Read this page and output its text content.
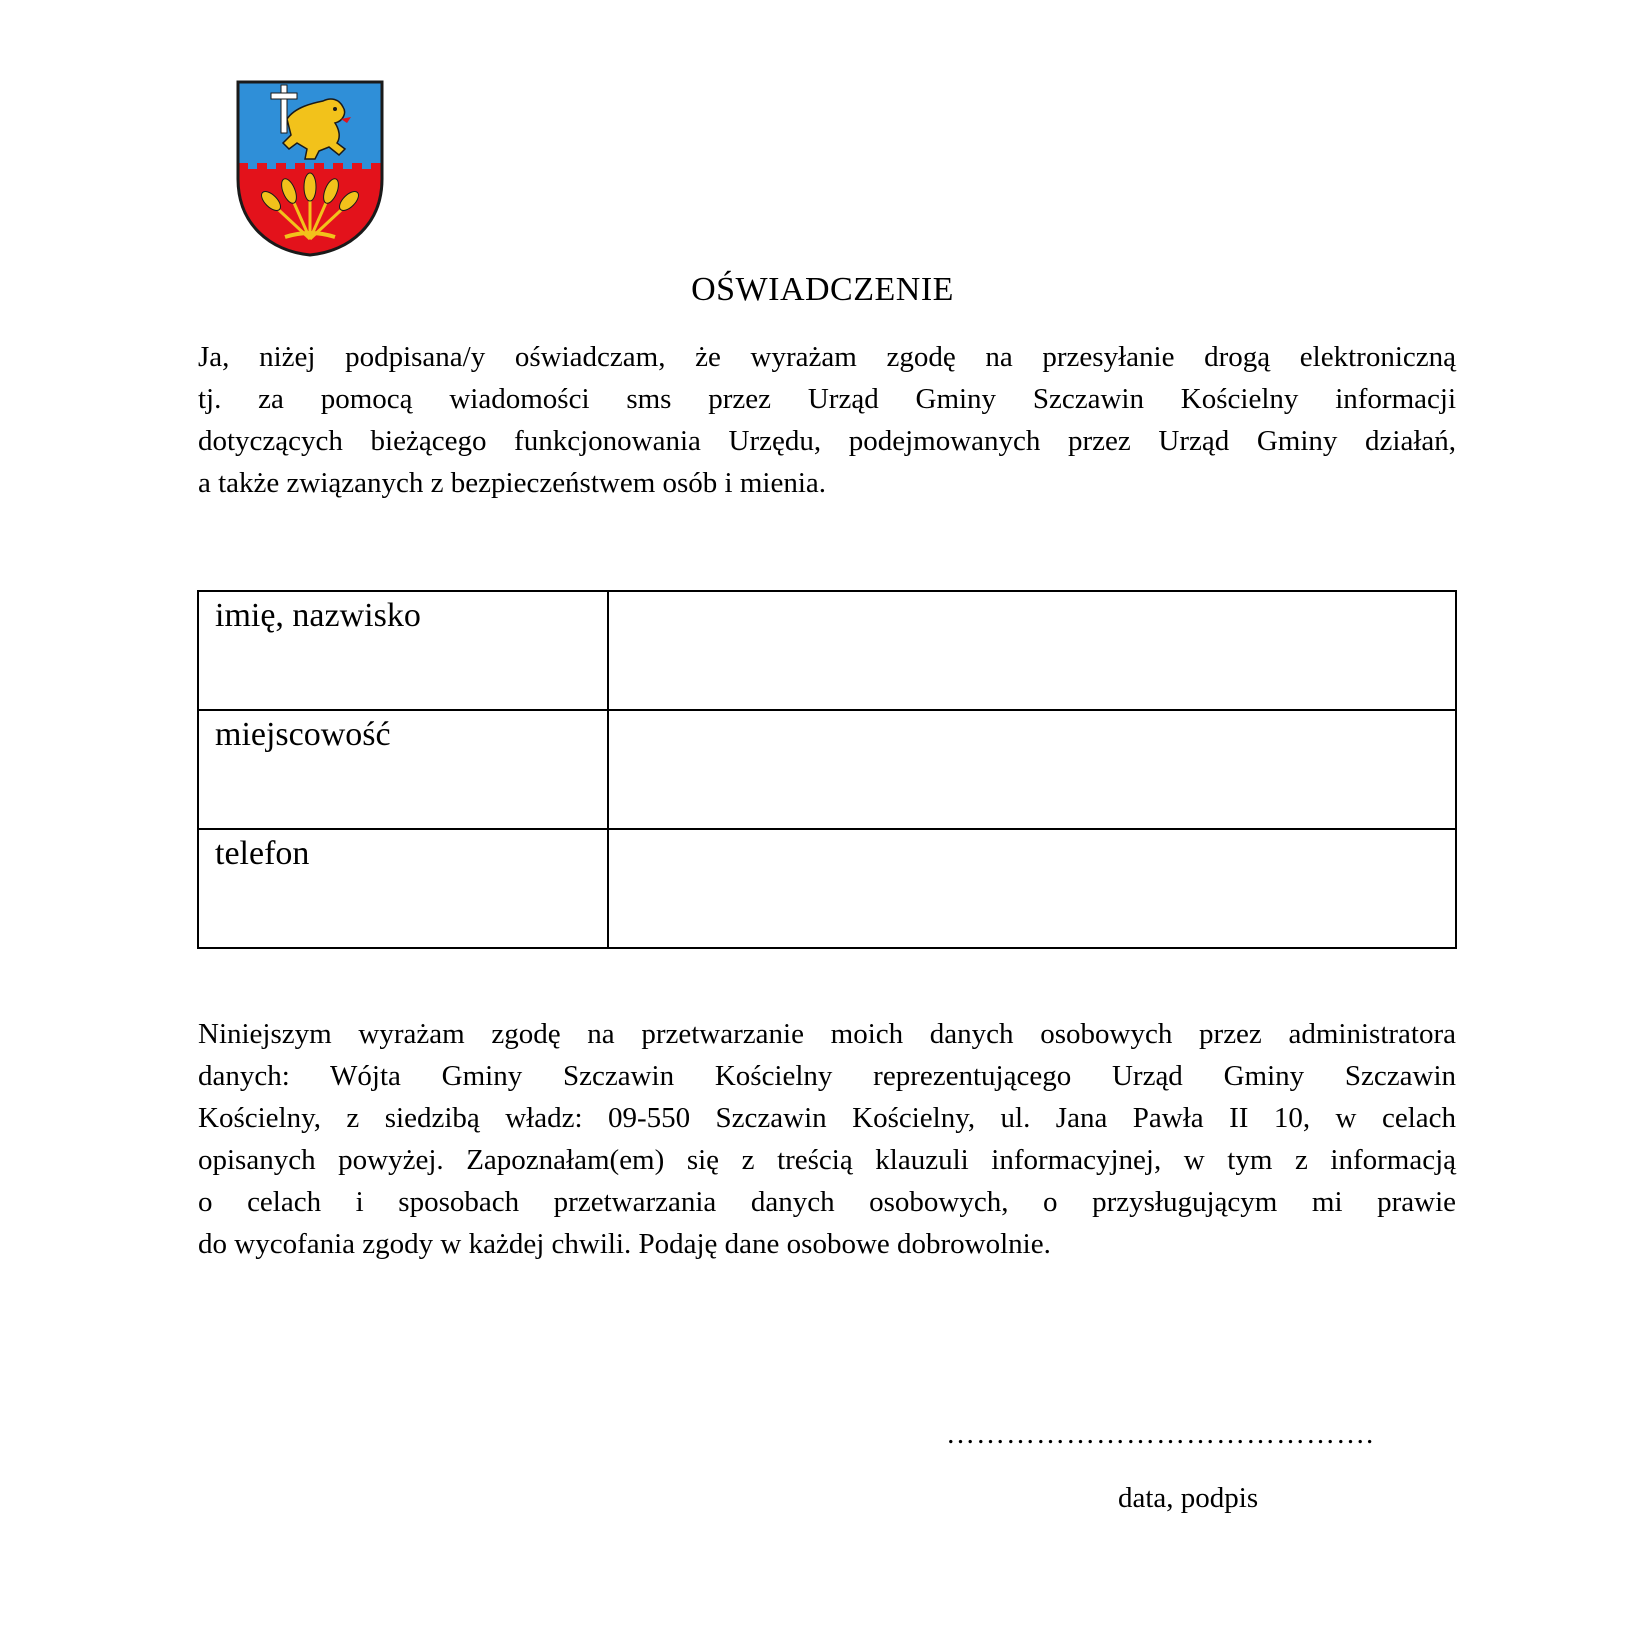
OŚWIADCZENIE

Ja, niżej podpisana/y oświadczam, że wyrażam zgodę na przesyłanie drogą elektroniczną
tj. za pomocą wiadomości sms przez Urząd Gminy Szczawin Kościelny informacji
dotyczących bieżącego funkcjonowania Urzędu, podejmowanych przez Urząd Gminy działań,
a także związanych z bezpieczeństwem osób i mienia.

imię, nazwisko	
miejscowość	
telefon	

Niniejszym wyrażam zgodę na przetwarzanie moich danych osobowych przez administratora
danych: Wójta Gminy Szczawin Kościelny reprezentującego Urząd Gminy Szczawin
Kościelny, z siedzibą władz: 09-550 Szczawin Kościelny, ul. Jana Pawła II 10, w celach
opisanych powyżej. Zapoznałam(em) się z treścią klauzuli informacyjnej, w tym z informacją
o celach i sposobach przetwarzania danych osobowych, o przysługującym mi prawie
do wycofania zgody w każdej chwili. Podaję dane osobowe dobrowolnie.

…………………………………….
data, podpis
